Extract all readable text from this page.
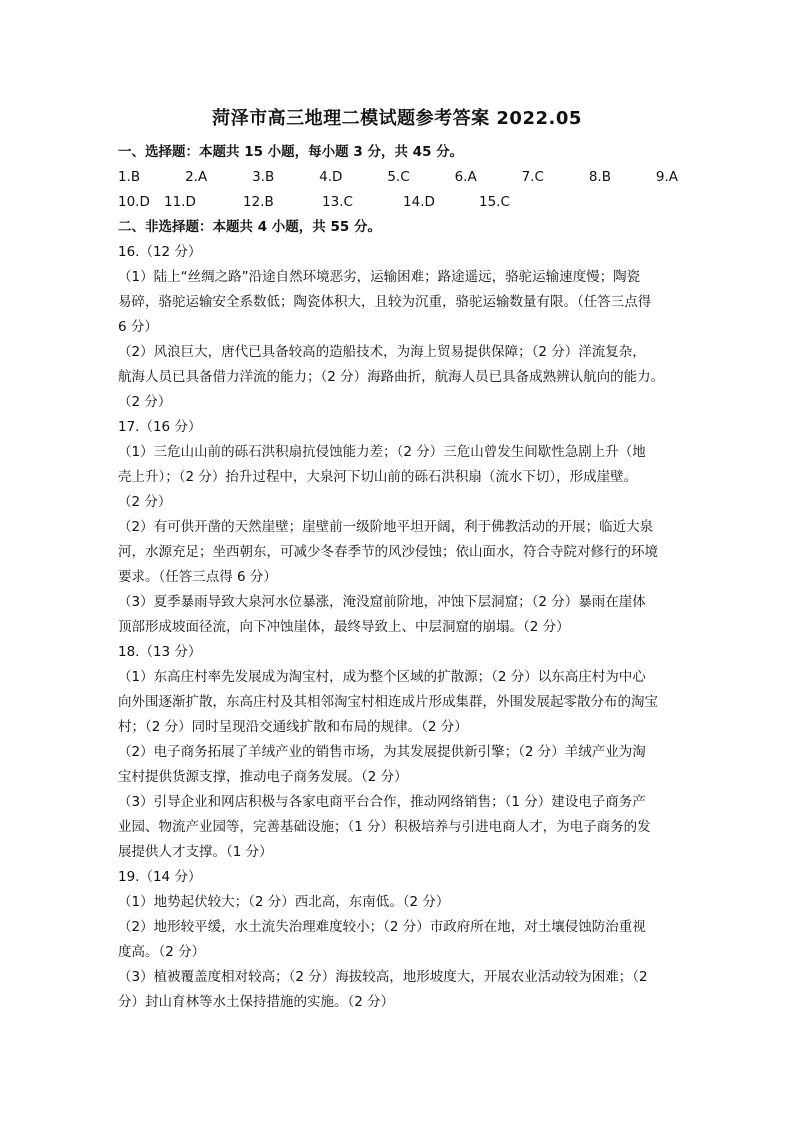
菏泽市高三地理二模试题参考答案 2022.05
一、选择题：本题共 15 小题，每小题 3 分，共 45 分。
1.B	2.A	3.B	4.D	5.C	6.A	7.C	8.B	9.A
10.D	11.D	12.B	13.C	14.D	15.C
二、非选择题：本题共 4 小题，共 55 分。
16.（12 分）
（1）陆上“丝绸之路”沿途自然环境恶劣，运输困难；路途遥远，骆驼运输速度慢；陶瓷
易碎，骆驼运输安全系数低；陶瓷体积大，且较为沉重，骆驼运输数量有限。（任答三点得
6 分）
（2）风浪巨大，唐代已具备较高的造船技术，为海上贸易提供保障；（2 分）洋流复杂，
航海人员已具备借力洋流的能力；（2 分）海路曲折，航海人员已具备成熟辨认航向的能力。
（2 分）
17.（16 分）
（1）三危山山前的砾石洪积扇抗侵蚀能力差；（2 分）三危山曾发生间歇性急剧上升（地
壳上升）；（2 分）抬升过程中，大泉河下切山前的砾石洪积扇（流水下切），形成崖壁。
（2 分）
（2）有可供开凿的天然崖壁；崖壁前一级阶地平坦开阔，利于佛教活动的开展；临近大泉
河，水源充足；坐西朝东，可减少冬春季节的风沙侵蚀；依山面水，符合寺院对修行的环境
要求。（任答三点得 6 分）
（3）夏季暴雨导致大泉河水位暴涨，淹没窟前阶地，冲蚀下层洞窟；（2 分）暴雨在崖体
顶部形成坡面径流，向下冲蚀崖体，最终导致上、中层洞窟的崩塌。（2 分）
18.（13 分）
（1）东高庄村率先发展成为淘宝村，成为整个区域的扩散源；（2 分）以东高庄村为中心
向外围逐渐扩散，东高庄村及其相邻淘宝村相连成片形成集群，外围发展起零散分布的淘宝
村；（2 分）同时呈现沿交通线扩散和布局的规律。（2 分）
（2）电子商务拓展了羊绒产业的销售市场，为其发展提供新引擎；（2 分）羊绒产业为淘
宝村提供货源支撑，推动电子商务发展。（2 分）
（3）引导企业和网店积极与各家电商平台合作，推动网络销售；（1 分）建设电子商务产
业园、物流产业园等，完善基础设施；（1 分）积极培养与引进电商人才，为电子商务的发
展提供人才支撑。（1 分）
19.（14 分）
（1）地势起伏较大；（2 分）西北高，东南低。（2 分）
（2）地形较平缓，水土流失治理难度较小；（2 分）市政府所在地，对土壤侵蚀防治重视
度高。（2 分）
（3）植被覆盖度相对较高；（2 分）海拔较高，地形坡度大，开展农业活动较为困难；（2
分）封山育林等水土保持措施的实施。（2 分）
